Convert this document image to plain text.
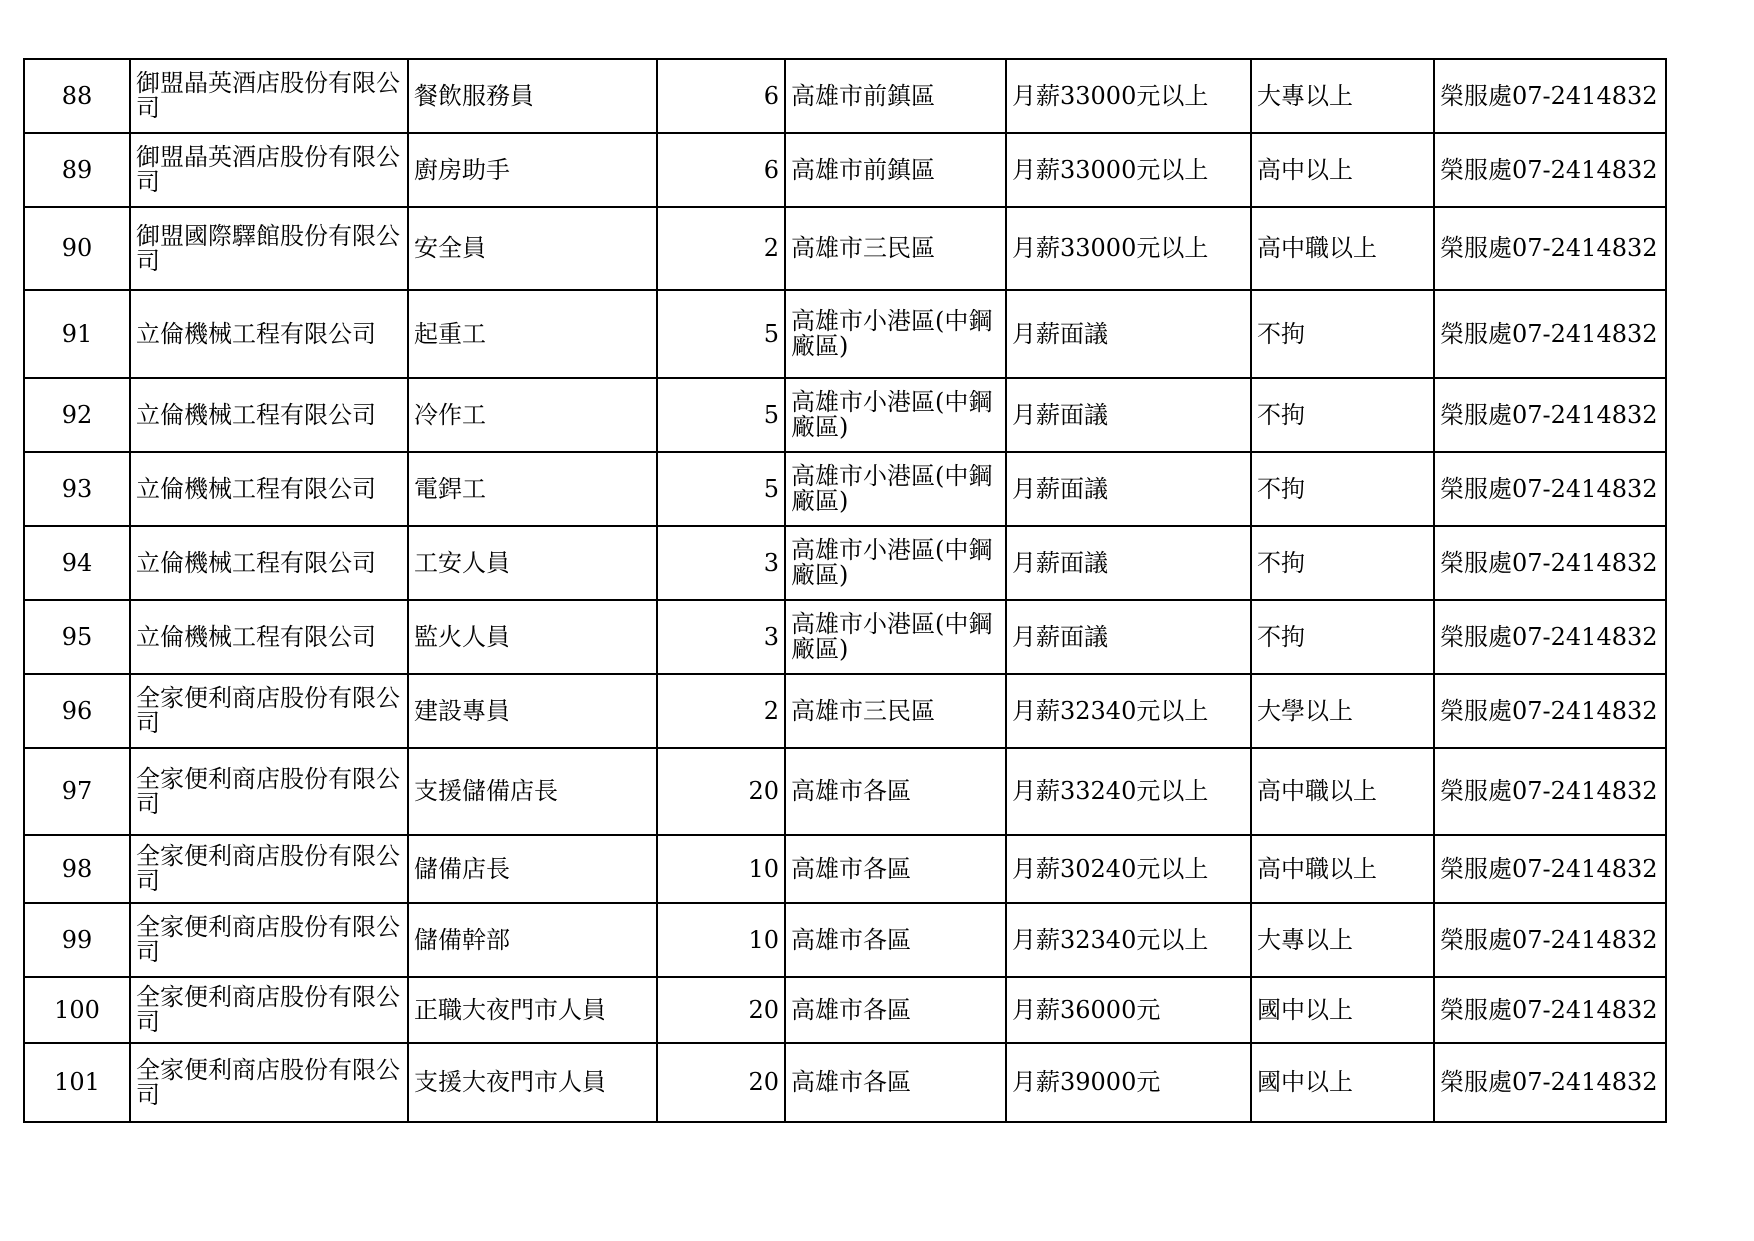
88	御盟晶英酒店股份有限公司	餐飲服務員	6	高雄市前鎮區	月薪33000元以上	大專以上	榮服處07-2414832
89	御盟晶英酒店股份有限公司	廚房助手	6	高雄市前鎮區	月薪33000元以上	高中以上	榮服處07-2414832
90	御盟國際驛館股份有限公司	安全員	2	高雄市三民區	月薪33000元以上	高中職以上	榮服處07-2414832
91	立倫機械工程有限公司	起重工	5	高雄市小港區(中鋼廠區)	月薪面議	不拘	榮服處07-2414832
92	立倫機械工程有限公司	冷作工	5	高雄市小港區(中鋼廠區)	月薪面議	不拘	榮服處07-2414832
93	立倫機械工程有限公司	電銲工	5	高雄市小港區(中鋼廠區)	月薪面議	不拘	榮服處07-2414832
94	立倫機械工程有限公司	工安人員	3	高雄市小港區(中鋼廠區)	月薪面議	不拘	榮服處07-2414832
95	立倫機械工程有限公司	監火人員	3	高雄市小港區(中鋼廠區)	月薪面議	不拘	榮服處07-2414832
96	全家便利商店股份有限公司	建設專員	2	高雄市三民區	月薪32340元以上	大學以上	榮服處07-2414832
97	全家便利商店股份有限公司	支援儲備店長	20	高雄市各區	月薪33240元以上	高中職以上	榮服處07-2414832
98	全家便利商店股份有限公司	儲備店長	10	高雄市各區	月薪30240元以上	高中職以上	榮服處07-2414832
99	全家便利商店股份有限公司	儲備幹部	10	高雄市各區	月薪32340元以上	大專以上	榮服處07-2414832
100	全家便利商店股份有限公司	正職大夜門市人員	20	高雄市各區	月薪36000元	國中以上	榮服處07-2414832
101	全家便利商店股份有限公司	支援大夜門市人員	20	高雄市各區	月薪39000元	國中以上	榮服處07-2414832
